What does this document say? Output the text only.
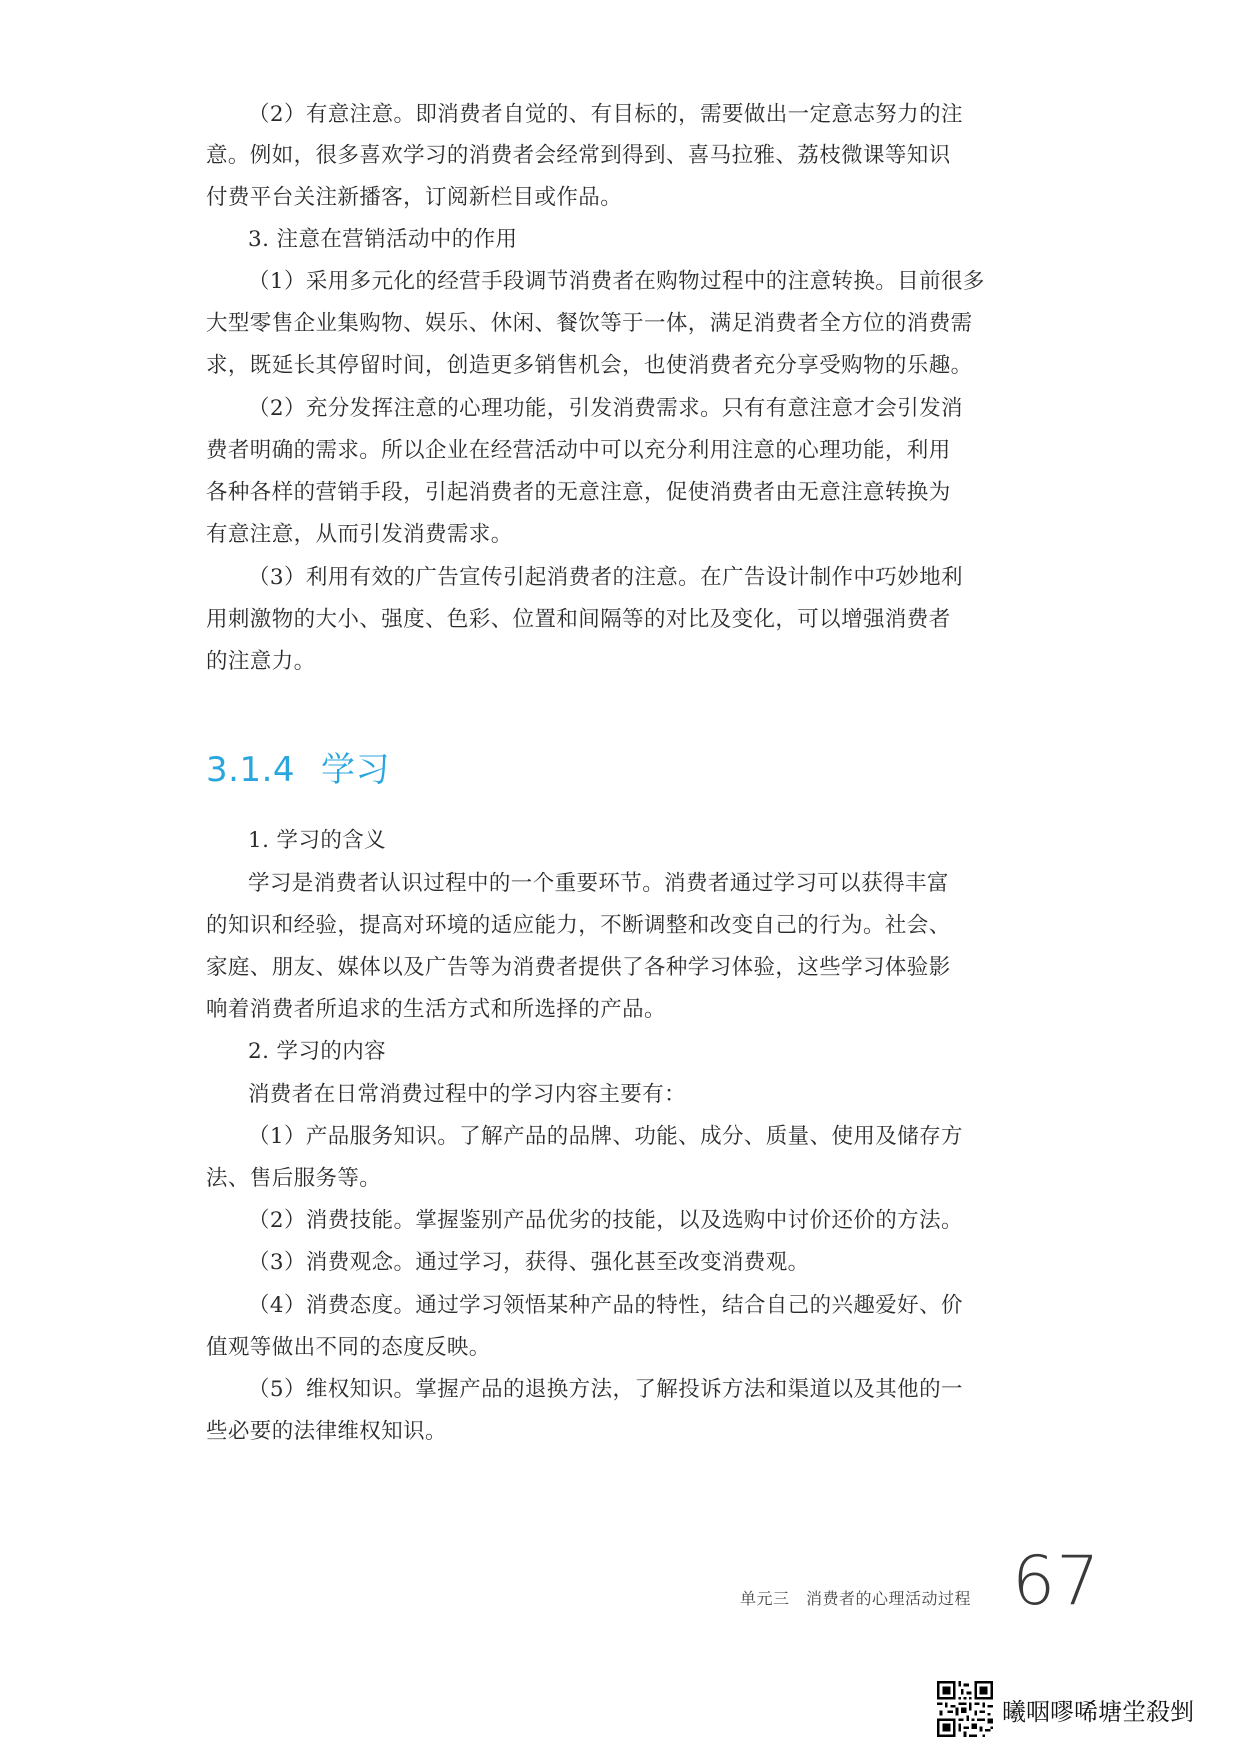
（2）有意注意。即消费者自觉的、有目标的，需要做出一定意志努力的注
意。例如，很多喜欢学习的消费者会经常到得到、喜马拉雅、荔枝微课等知识
付费平台关注新播客，订阅新栏目或作品。
3. 注意在营销活动中的作用
（1）采用多元化的经营手段调节消费者在购物过程中的注意转换。目前很多
大型零售企业集购物、娱乐、休闲、餐饮等于一体，满足消费者全方位的消费需
求，既延长其停留时间，创造更多销售机会，也使消费者充分享受购物的乐趣。
（2）充分发挥注意的心理功能，引发消费需求。只有有意注意才会引发消
费者明确的需求。所以企业在经营活动中可以充分利用注意的心理功能，利用
各种各样的营销手段，引起消费者的无意注意，促使消费者由无意注意转换为
有意注意，从而引发消费需求。
（3）利用有效的广告宣传引起消费者的注意。在广告设计制作中巧妙地利
用刺激物的大小、强度、色彩、位置和间隔等的对比及变化，可以增强消费者
的注意力。
3.1.4 学习
1. 学习的含义
学习是消费者认识过程中的一个重要环节。消费者通过学习可以获得丰富
的知识和经验，提高对环境的适应能力，不断调整和改变自己的行为。社会、
家庭、朋友、媒体以及广告等为消费者提供了各种学习体验，这些学习体验影
响着消费者所追求的生活方式和所选择的产品。
2. 学习的内容
消费者在日常消费过程中的学习内容主要有：
（1）产品服务知识。了解产品的品牌、功能、成分、质量、使用及储存方
法、售后服务等。
（2）消费技能。掌握鉴别产品优劣的技能，以及选购中讨价还价的方法。
（3）消费观念。通过学习，获得、强化甚至改变消费观。
（4）消费态度。通过学习领悟某种产品的特性，结合自己的兴趣爱好、价
值观等做出不同的态度反映。
（5）维权知识。掌握产品的退换方法，了解投诉方法和渠道以及其他的一
些必要的法律维权知识。
单元三　消费者的心理活动过程 67
曦咽嘐唏塘坣殺剉
